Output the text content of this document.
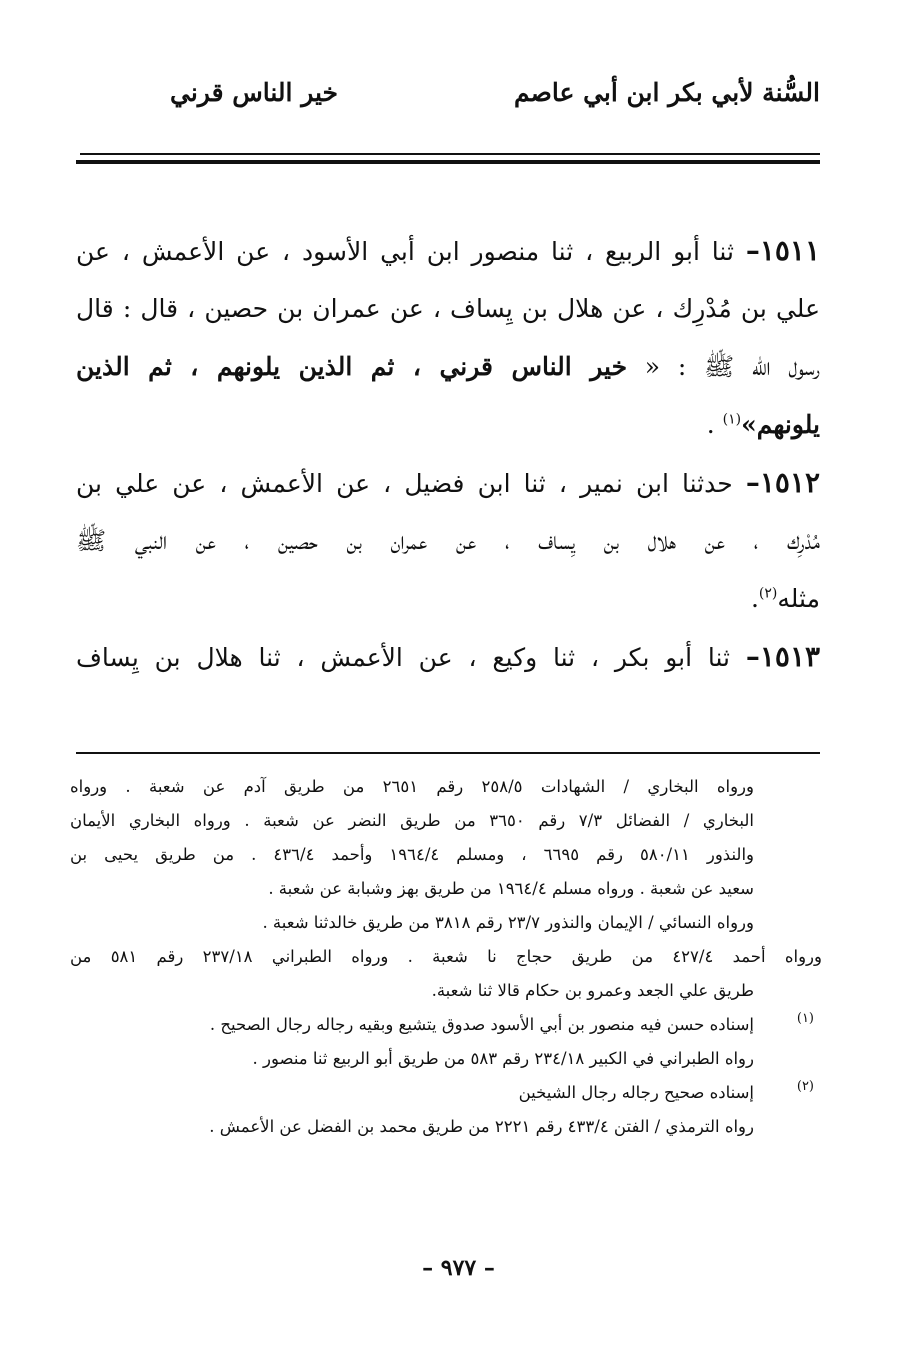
السُّنة لأبي بكر ابن أبي عاصم
خير الناس قرني
١٥١١– ثنا أبو الربيع ، ثنا منصور ابن أبي الأسود ، عن الأعمش ، عن
علي بن مُدْرِك ، عن هلال بن يِساف ، عن عمران بن حصين ، قال : قال
رسول الله ﷺ : « خير الناس قرني ، ثم الذين يلونهم ، ثم الذين
يلونهم»$^{(١)}$ .
١٥١٢– حدثنا ابن نمير ، ثنا ابن فضيل ، عن الأعمش ، عن علي بن
مُدْرِك ، عن هلال بن يِساف ، عن عمران بن حصين ، عن النبي ﷺ
مثله$^{(٢)}$.
١٥١٣– ثنا أبو بكر ، ثنا وكيع ، عن الأعمش ، ثنا هلال بن يِساف
ورواه البخاري / الشهادات ٢٥٨/٥ رقم ٢٦٥١ من طريق آدم عن شعبة . ورواه
البخاري / الفضائل ٧/٣ رقم ٣٦٥٠ من طريق النضر عن شعبة . ورواه البخاري الأيمان
والنذور ٥٨٠/١١ رقم ٦٦٩٥ ، ومسلم ١٩٦٤/٤ وأحمد ٤٣٦/٤ . من طريق يحيى بن
سعيد عن شعبة . ورواه مسلم ١٩٦٤/٤ من طريق بهز وشبابة عن شعبة .
ورواه النسائي / الإيمان والنذور ٢٣/٧ رقم ٣٨١٨ من طريق خالدثنا شعبة .
ورواه أحمد ٤٢٧/٤ من طريق حجاج نا شعبة . ورواه الطبراني ٢٣٧/١٨ رقم ٥٨١ من
طريق علي الجعد وعمرو بن حكام قالا ثنا شعبة.
(١)
إسناده حسن فيه منصور بن أبي الأسود صدوق يتشيع وبقيه رجاله رجال الصحيح .
رواه الطبراني في الكبير ٢٣٤/١٨ رقم ٥٨٣ من طريق أبو الربيع ثنا منصور .
(٢)
إسناده صحيح رجاله رجال الشيخين
رواه الترمذي / الفتن ٤٣٣/٤ رقم ٢٢٢١ من طريق محمد بن الفضل عن الأعمش .
– ٩٧٧ –
